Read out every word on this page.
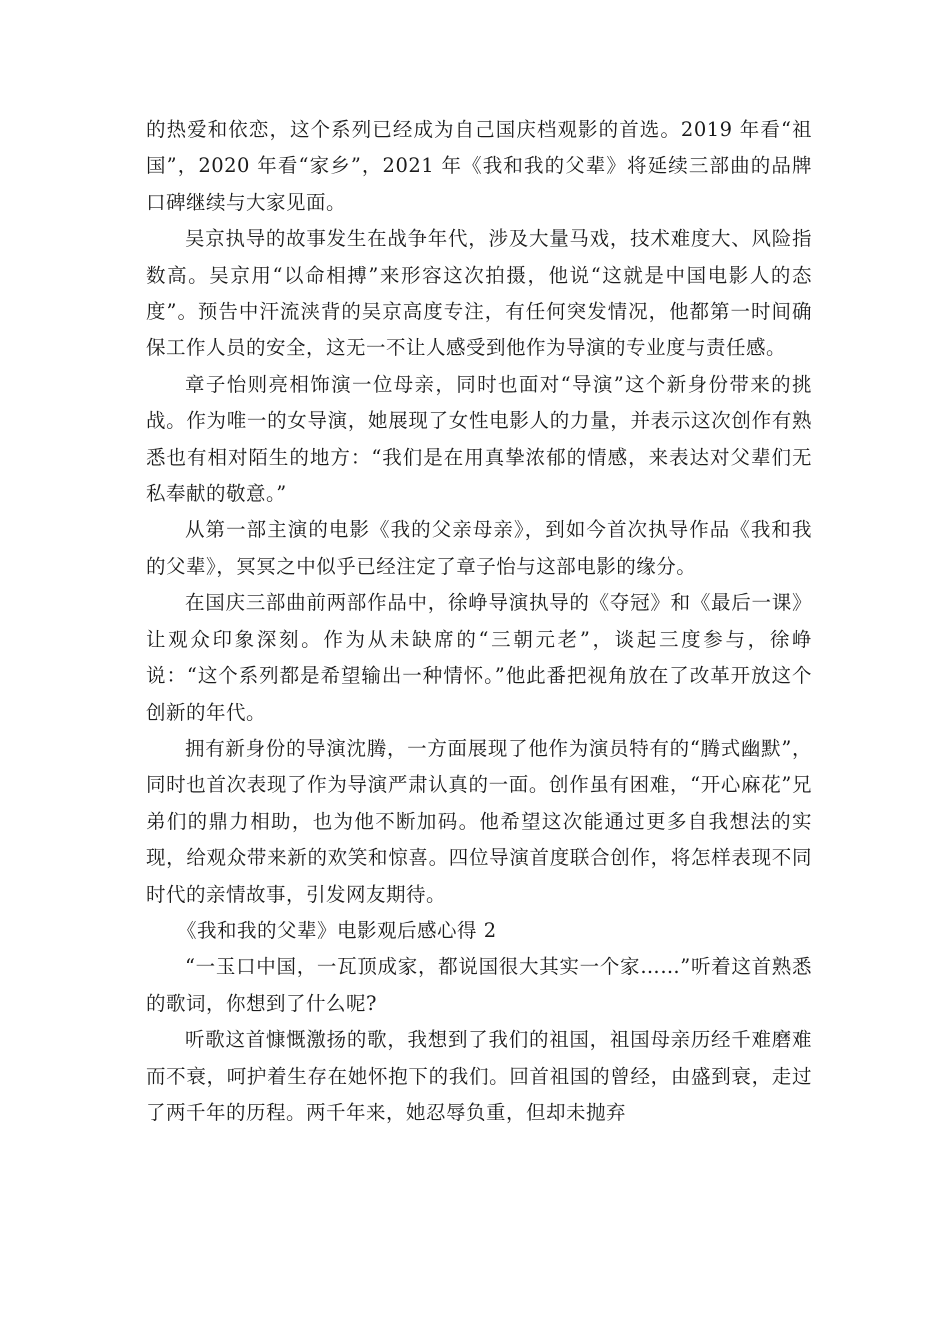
的热爱和依恋，这个系列已经成为自己国庆档观影的首选。2019 年看“祖国”，2020 年看“家乡”，2021 年《我和我的父辈》将延续三部曲的品牌口碑继续与大家见面。

吴京执导的故事发生在战争年代，涉及大量马戏，技术难度大、风险指数高。吴京用“以命相搏”来形容这次拍摄，他说“这就是中国电影人的态度”。预告中汗流浃背的吴京高度专注，有任何突发情况，他都第一时间确保工作人员的安全，这无一不让人感受到他作为导演的专业度与责任感。

章子怡则亮相饰演一位母亲，同时也面对“导演”这个新身份带来的挑战。作为唯一的女导演，她展现了女性电影人的力量，并表示这次创作有熟悉也有相对陌生的地方：“我们是在用真挚浓郁的情感，来表达对父辈们无私奉献的敬意。”

从第一部主演的电影《我的父亲母亲》，到如今首次执导作品《我和我的父辈》，冥冥之中似乎已经注定了章子怡与这部电影的缘分。

在国庆三部曲前两部作品中，徐峥导演执导的《夺冠》和《最后一课》让观众印象深刻。作为从未缺席的“三朝元老”，谈起三度参与，徐峥说：“这个系列都是希望输出一种情怀。”他此番把视角放在了改革开放这个创新的年代。

拥有新身份的导演沈腾，一方面展现了他作为演员特有的“腾式幽默”，同时也首次表现了作为导演严肃认真的一面。创作虽有困难，“开心麻花”兄弟们的鼎力相助，也为他不断加码。他希望这次能通过更多自我想法的实现，给观众带来新的欢笑和惊喜。四位导演首度联合创作，将怎样表现不同时代的亲情故事，引发网友期待。

《我和我的父辈》电影观后感心得 2

“一玉口中国，一瓦顶成家，都说国很大其实一个家……”听着这首熟悉的歌词，你想到了什么呢?

听歌这首慷慨激扬的歌，我想到了我们的祖国，祖国母亲历经千难磨难而不衰，呵护着生存在她怀抱下的我们。回首祖国的曾经，由盛到衰，走过了两千年的历程。两千年来，她忍辱负重，但却未抛弃
